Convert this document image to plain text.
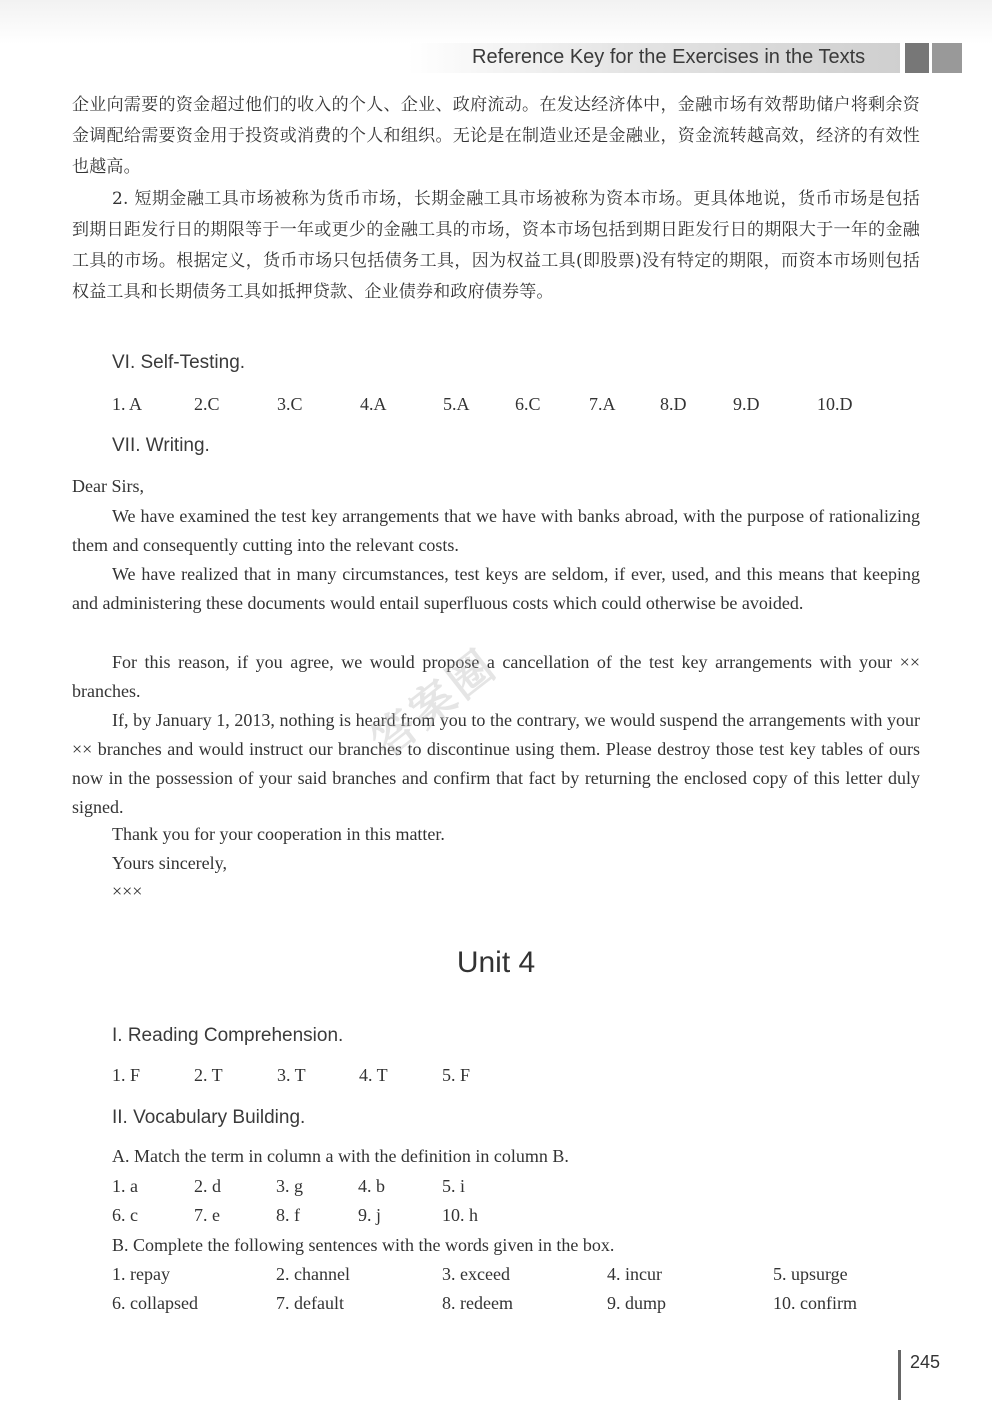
Reference Key for the Exercises in the Texts

企业向需要的资金超过他们的收入的个人、企业、政府流动。在发达经济体中，金融市场有效帮助储户将剩余资金调配给需要资金用于投资或消费的个人和组织。无论是在制造业还是金融业，资金流转越高效，经济的有效性也越高。

2. 短期金融工具市场被称为货币市场，长期金融工具市场被称为资本市场。更具体地说，货币市场是包括到期日距发行日的期限等于一年或更少的金融工具的市场，资本市场包括到期日距发行日的期限大于一年的金融工具的市场。根据定义，货币市场只包括债务工具，因为权益工具(即股票)没有特定的期限，而资本市场则包括权益工具和长期债务工具如抵押贷款、企业债券和政府债券等。

VI. Self-Testing.
1. A	2.C	3.C	4.A	5.A	6.C	7.A 8.D	9.D	10.D
VII. Writing.

Dear Sirs,

We have examined the test key arrangements that we have with banks abroad, with the purpose of rationalizing them and consequently cutting into the relevant costs.

We have realized that in many circumstances, test keys are seldom, if ever, used, and this means that keeping and administering these documents would entail superfluous costs which could otherwise be avoided.

For this reason, if you agree, we would propose a cancellation of the test key arrangements with your ×× branches.

If, by January 1, 2013, nothing is heard from you to the contrary, we would suspend the arrangements with your ×× branches and would instruct our branches to discontinue using them. Please destroy those test key tables of ours now in the possession of your said branches and confirm that fact by returning the enclosed copy of this letter duly signed.

Thank you for your cooperation in this matter.
Yours sincerely,
×××
Unit 4
I. Reading Comprehension.
1. F	2. T	3. T	4. T	5. F
II. Vocabulary Building.
A. Match the term in column a with the definition in column B.
1. a	2. d	3. g	4. b	5. i
6. c	7. e	8. f	9. j	10. h
B. Complete the following sentences with the words given in the box.
1. repay	2. channel	3. exceed	4. incur	5. upsurge
6. collapsed	7. default	8. redeem	9. dump	10. confirm
答案圈
245
